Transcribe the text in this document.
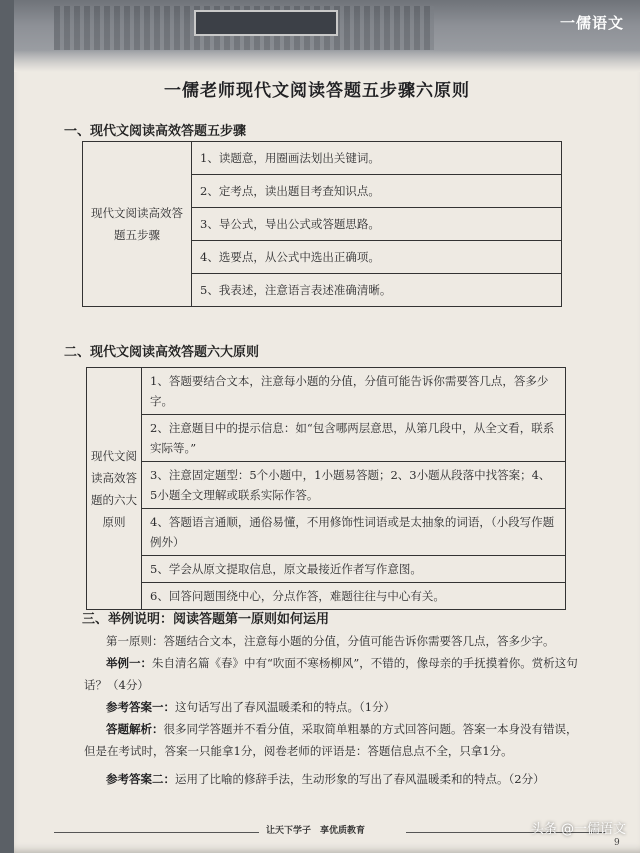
一儒语文
一儒老师现代文阅读答题五步骤六原则
一、现代文阅读高效答题五步骤
现代文阅读高效答题五步骤	1、读题意，用圈画法划出关键词。
2、定考点，读出题目考查知识点。
3、导公式，导出公式或答题思路。
4、选要点，从公式中选出正确项。
5、我表述，注意语言表述准确清晰。
二、现代文阅读高效答题六大原则
现代文阅读高效答题的六大原则	1、答题要结合文本，注意每小题的分值，分值可能告诉你需要答几点，答多少字。
2、注意题目中的提示信息：如“包含哪两层意思，从第几段中，从全文看，联系实际等。”
3、注意固定题型：5个小题中，1小题易答题；2、3小题从段落中找答案；4、5小题全文理解或联系实际作答。
4、答题语言通顺，通俗易懂，不用修饰性词语或是太抽象的词语，（小段写作题例外）
5、学会从原文提取信息，原文最接近作者写作意图。
6、回答问题围绕中心，分点作答，难题往往与中心有关。
三、举例说明：阅读答题第一原则如何运用
第一原则：答题结合文本，注意每小题的分值，分值可能告诉你需要答几点，答多少字。
举例一：朱自清名篇《春》中有“吹面不寒杨柳风”，不错的，像母亲的手抚摸着你。赏析这句话？（4分）
参考答案一：这句话写出了春风温暖柔和的特点。（1分）
答题解析：很多同学答题并不看分值，采取简单粗暴的方式回答问题。答案一本身没有错误，但是在考试时，答案一只能拿1分，阅卷老师的评语是：答题信息点不全，只拿1分。
参考答案二：运用了比喻的修辞手法，生动形象的写出了春风温暖柔和的特点。（2分）
让天下学子　享优质教育
9
头条 @一儒语文
